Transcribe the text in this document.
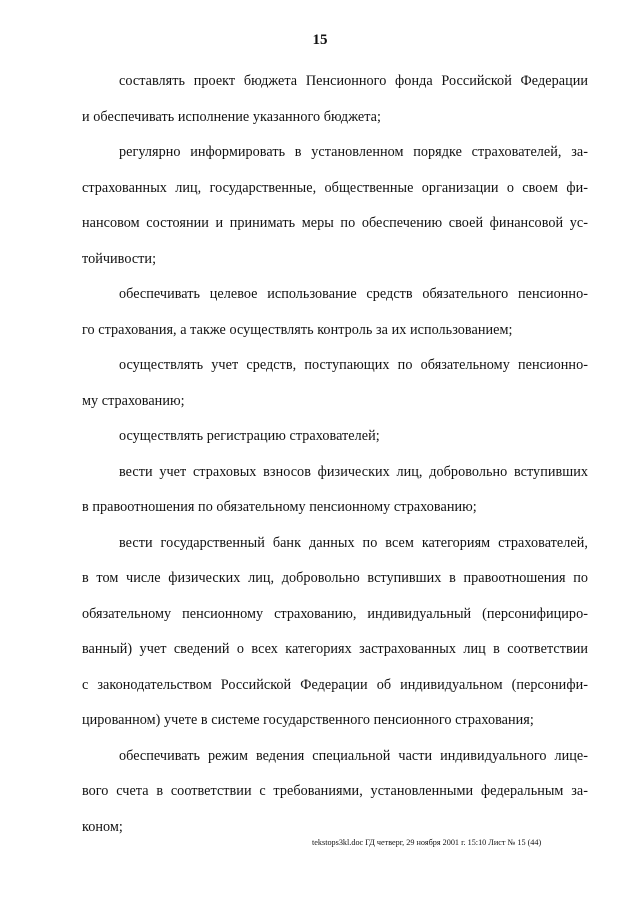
15
составлять проект бюджета Пенсионного фонда Российской Федерации
и обеспечивать исполнение указанного бюджета;
регулярно информировать в установленном порядке страхователей, за-
страхованных лиц, государственные, общественные организации о своем фи-
нансовом состоянии и принимать меры по обеспечению своей финансовой ус-
тойчивости;
обеспечивать целевое использование средств обязательного пенсионно-
го страхования, а также осуществлять контроль за их использованием;
осуществлять учет средств, поступающих по обязательному пенсионно-
му страхованию;
осуществлять регистрацию страхователей;
вести учет страховых взносов физических лиц, добровольно вступивших
в правоотношения по обязательному пенсионному страхованию;
вести государственный банк данных по всем категориям страхователей,
в том числе физических лиц, добровольно вступивших в правоотношения по
обязательному пенсионному страхованию, индивидуальный (персонифициро-
ванный) учет сведений о всех категориях застрахованных лиц в соответствии
с законодательством Российской Федерации об индивидуальном (персонифи-
цированном) учете в системе государственного пенсионного страхования;
обеспечивать режим ведения специальной части индивидуального лице-
вого счета в соответствии с требованиями, установленными федеральным за-
коном;
tekstops3kl.doc ГД четверг, 29 ноября 2001 г. 15:10 Лист № 15 (44)
